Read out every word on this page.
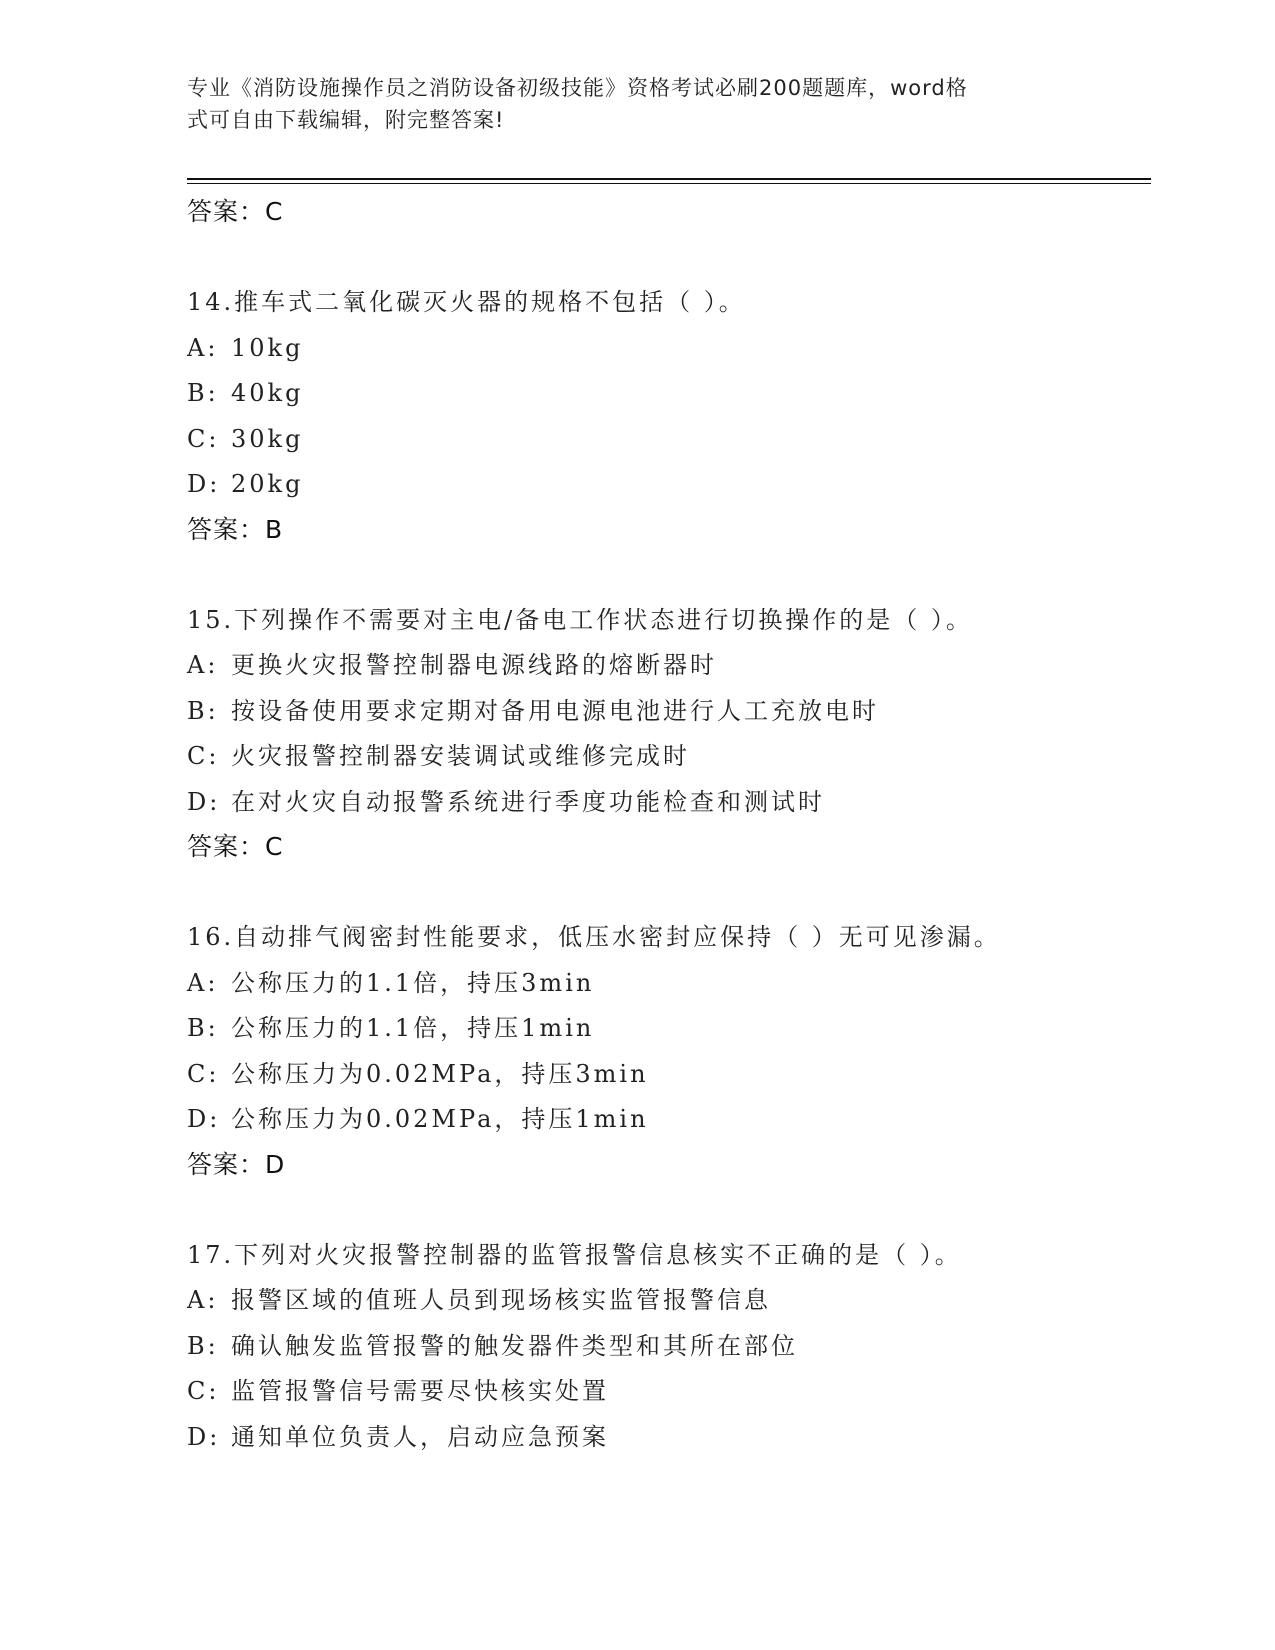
专业《消防设施操作员之消防设备初级技能》资格考试必刷200题题库，word格
式可自由下载编辑，附完整答案!
答案：C
14.推车式二氧化碳灭火器的规格不包括（ ）。
A: 10kg
B: 40kg
C: 30kg
D: 20kg
答案：B
15.下列操作不需要对主电/备电工作状态进行切换操作的是（ ）。
A: 更换火灾报警控制器电源线路的熔断器时
B: 按设备使用要求定期对备用电源电池进行人工充放电时
C: 火灾报警控制器安装调试或维修完成时
D: 在对火灾自动报警系统进行季度功能检查和测试时
答案：C
16.自动排气阀密封性能要求，低压水密封应保持（ ）无可见渗漏。
A: 公称压力的1.1倍，持压3min
B: 公称压力的1.1倍，持压1min
C: 公称压力为0.02MPa，持压3min
D: 公称压力为0.02MPa，持压1min
答案：D
17.下列对火灾报警控制器的监管报警信息核实不正确的是（ ）。
A: 报警区域的值班人员到现场核实监管报警信息
B: 确认触发监管报警的触发器件类型和其所在部位
C: 监管报警信号需要尽快核实处置
D: 通知单位负责人，启动应急预案
